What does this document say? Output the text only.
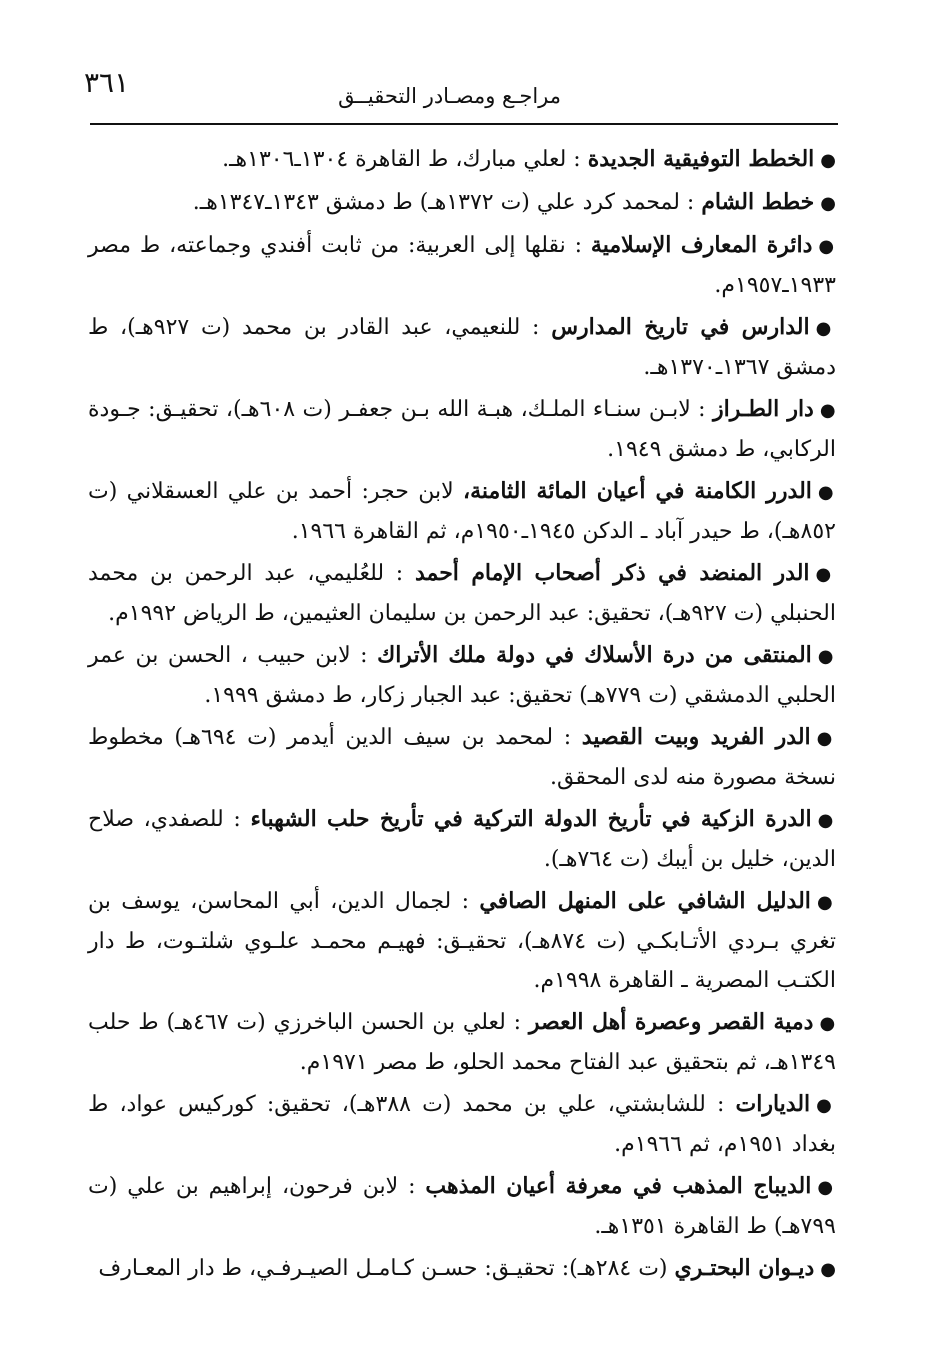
٣٦١	مراجـع ومصـادر التحقيــق

●الخطط التوفيقية الجديدة : لعلي مبارك، ط القاهرة ١٣٠٤ـ١٣٠٦هـ.

●خطط الشام : لمحمد كرد علي (ت ١٣٧٢هـ) ط دمشق ١٣٤٣ـ١٣٤٧هـ.

●دائرة المعارف الإسلامية : نقلها إلى العربية: من ثابت أفندي وجماعته، ط مصر ١٩٣٣ـ١٩٥٧م.

●الدارس في تاريخ المدارس : للنعيمي، عبد القادر بن محمد (ت ٩٢٧هـ)، ط دمشق ١٣٦٧ـ١٣٧٠هـ.

●دار الطـراز : لابـن سنـاء الملـك، هبـة الله بـن جعفـر (ت ٦٠٨هـ)، تحقيـق: جـودة الركابي، ط دمشق ١٩٤٩.

●الدرر الكامنة في أعيان المائة الثامنة، لابن حجر: أحمد بن علي العسقلاني (ت ٨٥٢هـ)، ط حيدر آباد ـ الدكن ١٩٤٥ـ١٩٥٠م، ثم القاهرة ١٩٦٦.

●الدر المنضد في ذكر أصحاب الإمام أحمد : للعُليمي، عبد الرحمن بن محمد الحنبلي (ت ٩٢٧هـ)، تحقيق: عبد الرحمن بن سليمان العثيمين، ط الرياض ١٩٩٢م.

●المنتقى من درة الأسلاك في دولة ملك الأتراك : لابن حبيب ، الحسن بن عمر الحلبي الدمشقي (ت ٧٧٩هـ) تحقيق: عبد الجبار زكار، ط دمشق ١٩٩٩.

●الدر الفريد وبيت القصيد : لمحمد بن سيف الدين أيدمر (ت ٦٩٤هـ) مخطوط نسخة مصورة منه لدى المحقق.

●الدرة الزكية في تأريخ الدولة التركية في تأريخ حلب الشهباء : للصفدي، صلاح الدين، خليل بن أيبك (ت ٧٦٤هـ).

●الدليل الشافي على المنهل الصافي : لجمال الدين، أبي المحاسن، يوسف بن تغري بـردي الأتـابكـي (ت ٨٧٤هـ)، تحقيـق: فهيـم محمـد علـوي شلتـوت، ط دار الكتـب المصرية ـ القاهرة ١٩٩٨م.

●دمية القصر وعصرة أهل العصر : لعلي بن الحسن الباخرزي (ت ٤٦٧هـ) ط حلب ١٣٤٩هـ، ثم بتحقيق عبد الفتاح محمد الحلو، ط مصر ١٩٧١م.

●الديارات : للشابشتي، علي بن محمد (ت ٣٨٨هـ)، تحقيق: كوركيس عواد، ط بغداد ١٩٥١م، ثم ١٩٦٦م.

●الديباج المذهب في معرفة أعيان المذهب : لابن فرحون، إبراهيم بن علي (ت ٧٩٩هـ) ط القاهرة ١٣٥١هـ.

●ديـوان البحتـري (ت ٢٨٤هـ): تحقيـق: حسـن كـامـل الصيـرفـي، ط دار المعـارف
